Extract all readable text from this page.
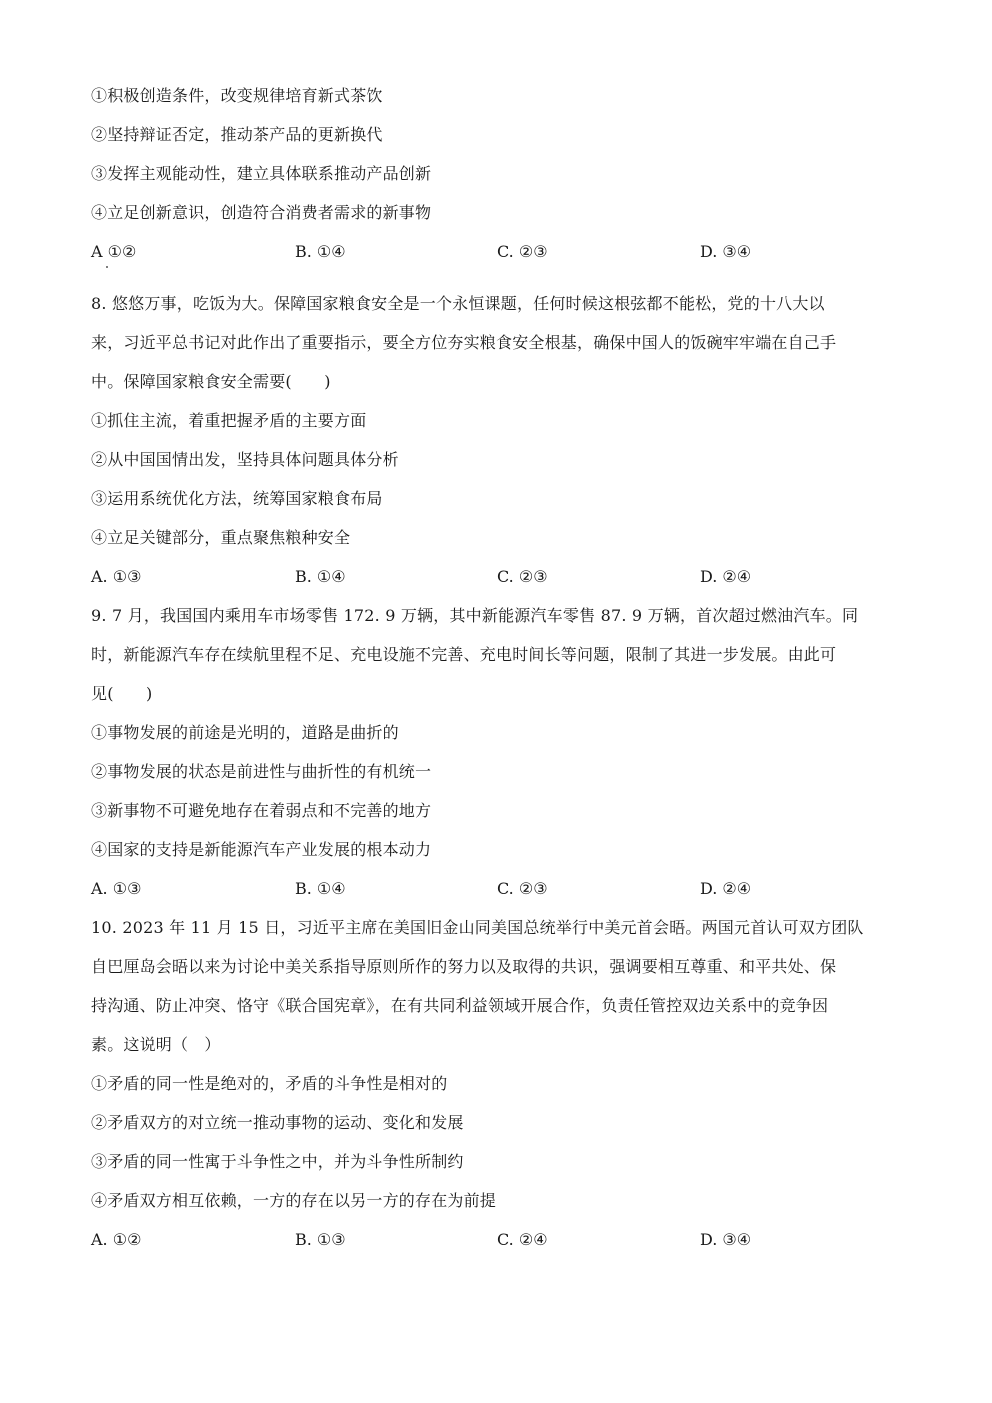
①积极创造条件，改变规律培育新式茶饮
②坚持辩证否定，推动茶产品的更新换代
③发挥主观能动性，建立具体联系推动产品创新
④立足创新意识，创造符合消费者需求的新事物
A ①②	B. ①④	C. ②③	D. ③④
8. 悠悠万事，吃饭为大。保障国家粮食安全是一个永恒课题，任何时候这根弦都不能松，党的十八大以
来，习近平总书记对此作出了重要指示，要全方位夯实粮食安全根基，确保中国人的饭碗牢牢端在自己手
中。保障国家粮食安全需要(　　)
①抓住主流，着重把握矛盾的主要方面
②从中国国情出发，坚持具体问题具体分析
③运用系统优化方法，统筹国家粮食布局
④立足关键部分，重点聚焦粮种安全
A. ①③	B. ①④	C. ②③	D. ②④
9. 7 月，我国国内乘用车市场零售 172. 9 万辆，其中新能源汽车零售 87. 9 万辆，首次超过燃油汽车。同
时，新能源汽车存在续航里程不足、充电设施不完善、充电时间长等问题，限制了其进一步发展。由此可
见(　　)
①事物发展的前途是光明的，道路是曲折的
②事物发展的状态是前进性与曲折性的有机统一
③新事物不可避免地存在着弱点和不完善的地方
④国家的支持是新能源汽车产业发展的根本动力
A. ①③	B. ①④	C. ②③	D. ②④
10. 2023 年 11 月 15 日，习近平主席在美国旧金山同美国总统举行中美元首会晤。两国元首认可双方团队
自巴厘岛会晤以来为讨论中美关系指导原则所作的努力以及取得的共识，强调要相互尊重、和平共处、保
持沟通、防止冲突、恪守《联合国宪章》，在有共同利益领域开展合作，负责任管控双边关系中的竞争因
素。这说明（　）
①矛盾的同一性是绝对的，矛盾的斗争性是相对的
②矛盾双方的对立统一推动事物的运动、变化和发展
③矛盾的同一性寓于斗争性之中，并为斗争性所制约
④矛盾双方相互依赖，一方的存在以另一方的存在为前提
A. ①②	B. ①③	C. ②④	D. ③④
